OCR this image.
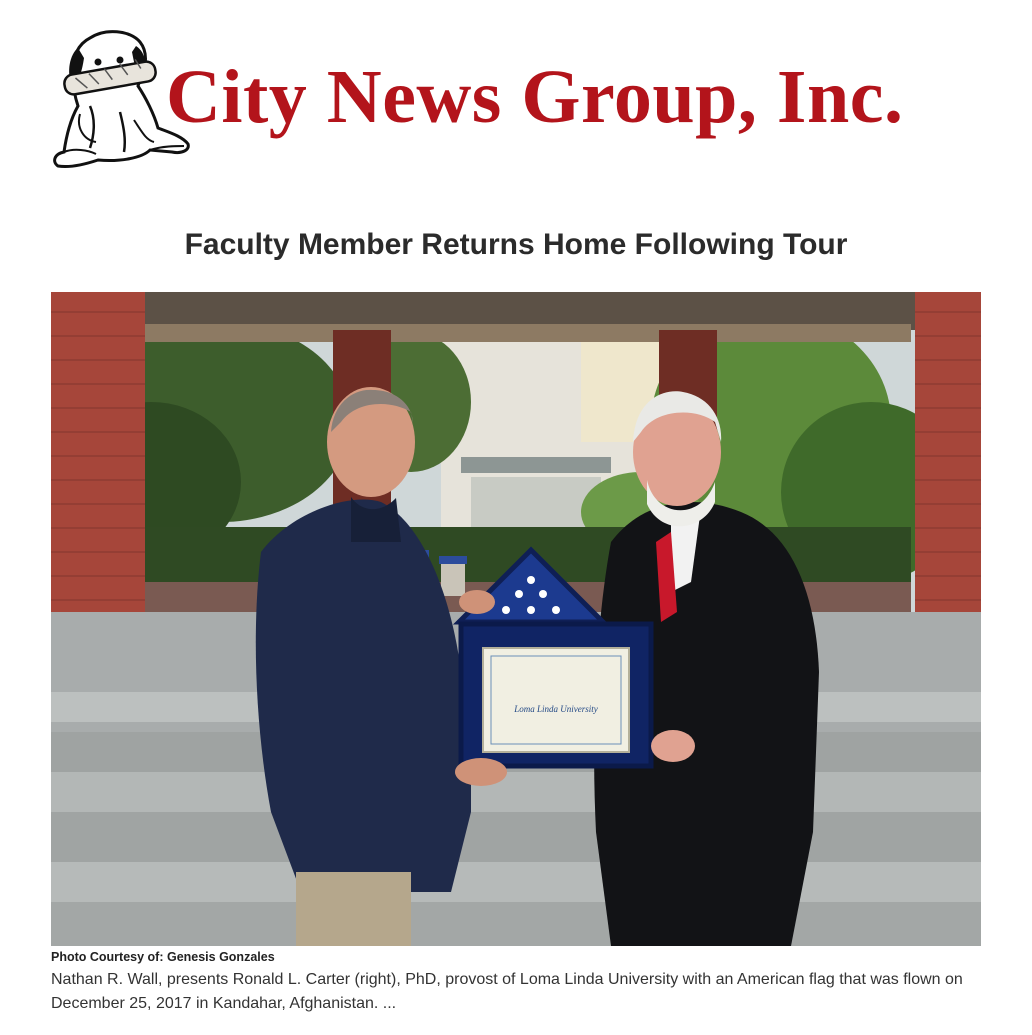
City News Group, Inc.
Faculty Member Returns Home Following Tour
Loma Linda University
Photo Courtesy of: Genesis Gonzales
Nathan R. Wall, presents Ronald L. Carter (right), PhD, provost of Loma Linda University with an American flag that was flown on December 25, 2017 in Kandahar, Afghanistan. ...
